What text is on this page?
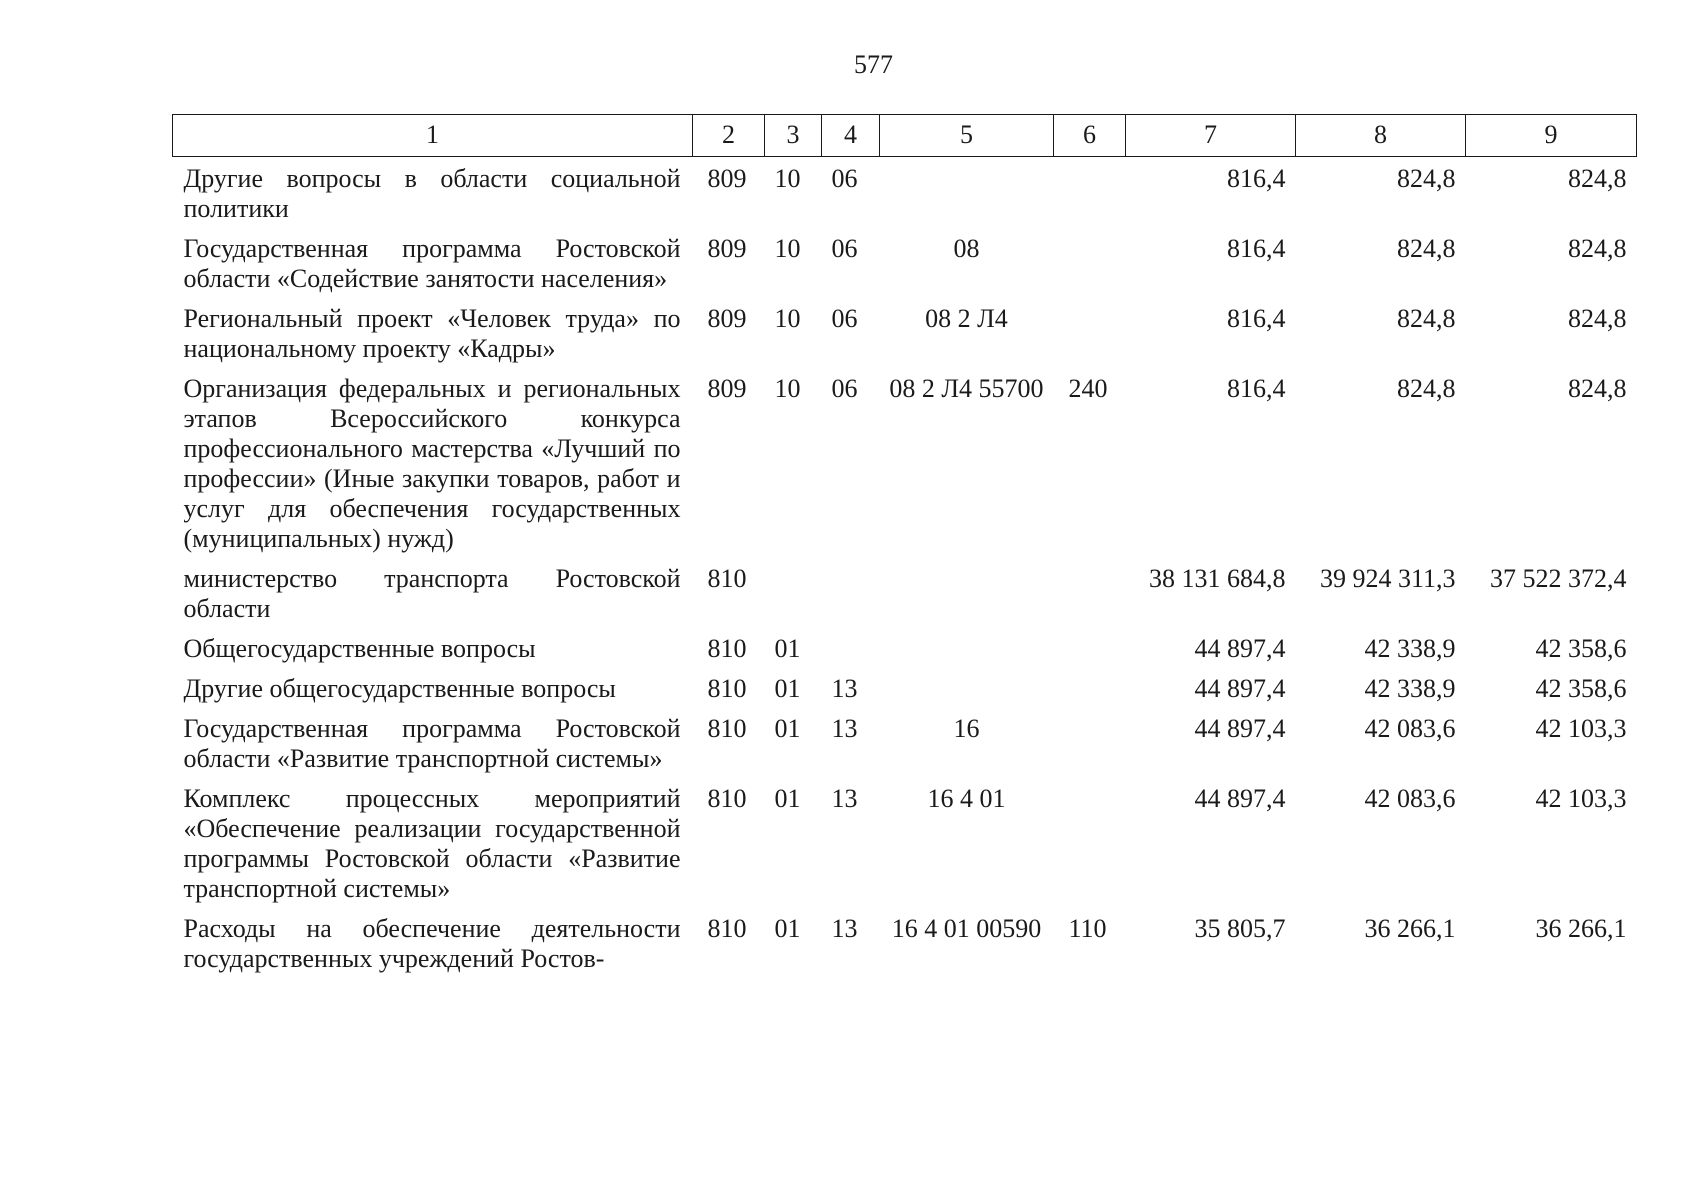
577
1	2	3	4	5	6	7	8	9
Другие вопросы в области социальной политики	809	10	06			816,4	824,8	824,8
Государственная программа Ростовской области «Содействие занятости населения»	809	10	06	08		816,4	824,8	824,8
Региональный проект «Человек труда» по национальному проекту «Кадры»	809	10	06	08 2 Л4		816,4	824,8	824,8
Организация федеральных и региональных этапов Всероссийского конкурса профессионального мастерства «Лучший по профессии» (Иные закупки товаров, работ и услуг для обеспечения государственных (муниципальных) нужд)	809	10	06	08 2 Л4 55700	240	816,4	824,8	824,8
министерство транспорта Ростовской области	810					38 131 684,8	39 924 311,3	37 522 372,4
Общегосударственные вопросы	810	01				44 897,4	42 338,9	42 358,6
Другие общегосударственные вопросы	810	01	13			44 897,4	42 338,9	42 358,6
Государственная программа Ростовской области «Развитие транспортной системы»	810	01	13	16		44 897,4	42 083,6	42 103,3
Комплекс процессных мероприятий «Обеспечение реализации государственной программы Ростовской области «Развитие транспортной системы»	810	01	13	16 4 01		44 897,4	42 083,6	42 103,3
Расходы на обеспечение деятельности государственных учреждений Ростов-	810	01	13	16 4 01 00590	110	35 805,7	36 266,1	36 266,1
